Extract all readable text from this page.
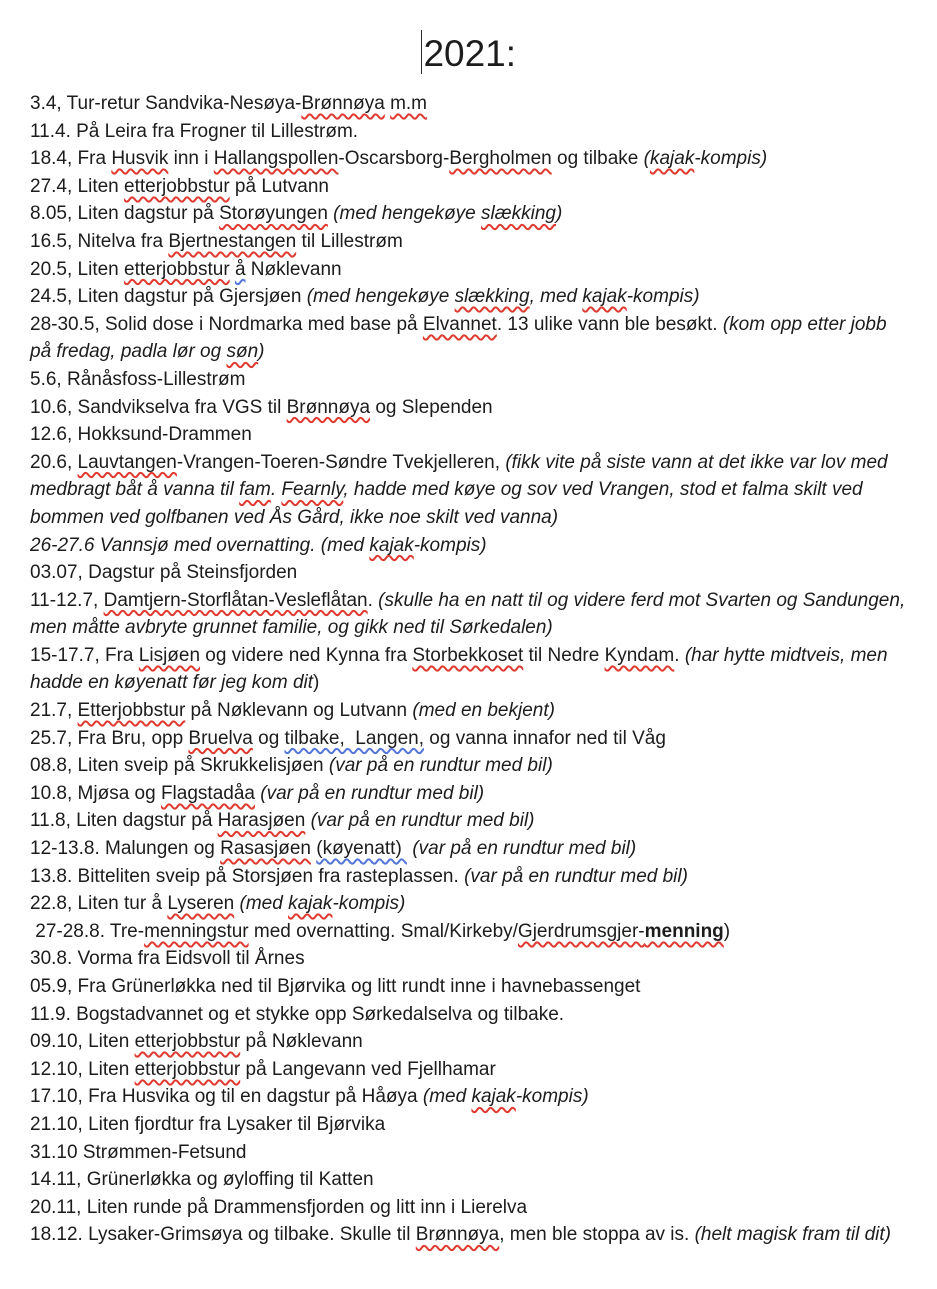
2021:

3.4, Tur-retur Sandvika-Nesøya-Brønnøya m.m

11.4. På Leira fra Frogner til Lillestrøm.

18.4, Fra Husvik inn i Hallangspollen-Oscarsborg-Bergholmen og tilbake (kajak-kompis)

27.4, Liten etterjobbstur på Lutvann

8.05, Liten dagstur på Storøyungen (med hengekøye slækking)

16.5, Nitelva fra Bjertnestangen til Lillestrøm

20.5, Liten etterjobbstur å Nøklevann

24.5, Liten dagstur på Gjersjøen (med hengekøye slækking, med kajak-kompis)

28-30.5, Solid dose i Nordmarka med base på Elvannet. 13 ulike vann ble besøkt. (kom opp etter jobb på fredag, padla lør og søn)

5.6, Rånåsfoss-Lillestrøm

10.6, Sandvikselva fra VGS til Brønnøya og Slependen

12.6, Hokksund-Drammen

20.6, Lauvtangen-Vrangen-Toeren-Søndre Tvekjelleren, (fikk vite på siste vann at det ikke var lov med medbragt båt å vanna til fam. Fearnly, hadde med køye og sov ved Vrangen, stod et falma skilt ved bommen ved golfbanen ved Ås Gård, ikke noe skilt ved vanna)

26-27.6 Vannsjø med overnatting. (med kajak-kompis)

03.07, Dagstur på Steinsfjorden

11-12.7, Damtjern-Storflåtan-Vesleflåtan. (skulle ha en natt til og videre ferd mot Svarten og Sandungen, men måtte avbryte grunnet familie, og gikk ned til Sørkedalen)

15-17.7, Fra Lisjøen og videre ned Kynna fra Storbekkoset til Nedre Kyndam. (har hytte midtveis, men hadde en køyenatt før jeg kom dit)

21.7, Etterjobbstur på Nøklevann og Lutvann (med en bekjent)

25.7, Fra Bru, opp Bruelva og tilbake,  Langen, og vanna innafor ned til Våg

08.8, Liten sveip på Skrukkelisjøen (var på en rundtur med bil)

10.8, Mjøsa og Flagstadåa (var på en rundtur med bil)

11.8, Liten dagstur på Harasjøen (var på en rundtur med bil)

12-13.8. Malungen og Rasasjøen (køyenatt)  (var på en rundtur med bil)

13.8. Bitteliten sveip på Storsjøen fra rasteplassen. (var på en rundtur med bil)

22.8, Liten tur å Lyseren (med kajak-kompis)

27-28.8. Tre-menningstur med overnatting. Smal/Kirkeby/Gjerdrumsgjer-menning)

30.8. Vorma fra Eidsvoll til Årnes

05.9, Fra Grünerløkka ned til Bjørvika og litt rundt inne i havnebassenget

11.9. Bogstadvannet og et stykke opp Sørkedalselva og tilbake.

09.10, Liten etterjobbstur på Nøklevann

12.10, Liten etterjobbstur på Langevann ved Fjellhamar

17.10, Fra Husvika og til en dagstur på Håøya (med kajak-kompis)

21.10, Liten fjordtur fra Lysaker til Bjørvika

31.10 Strømmen-Fetsund

14.11, Grünerløkka og øyloffing til Katten

20.11, Liten runde på Drammensfjorden og litt inn i Lierelva

18.12. Lysaker-Grimsøya og tilbake. Skulle til Brønnøya, men ble stoppa av is. (helt magisk fram til dit)
